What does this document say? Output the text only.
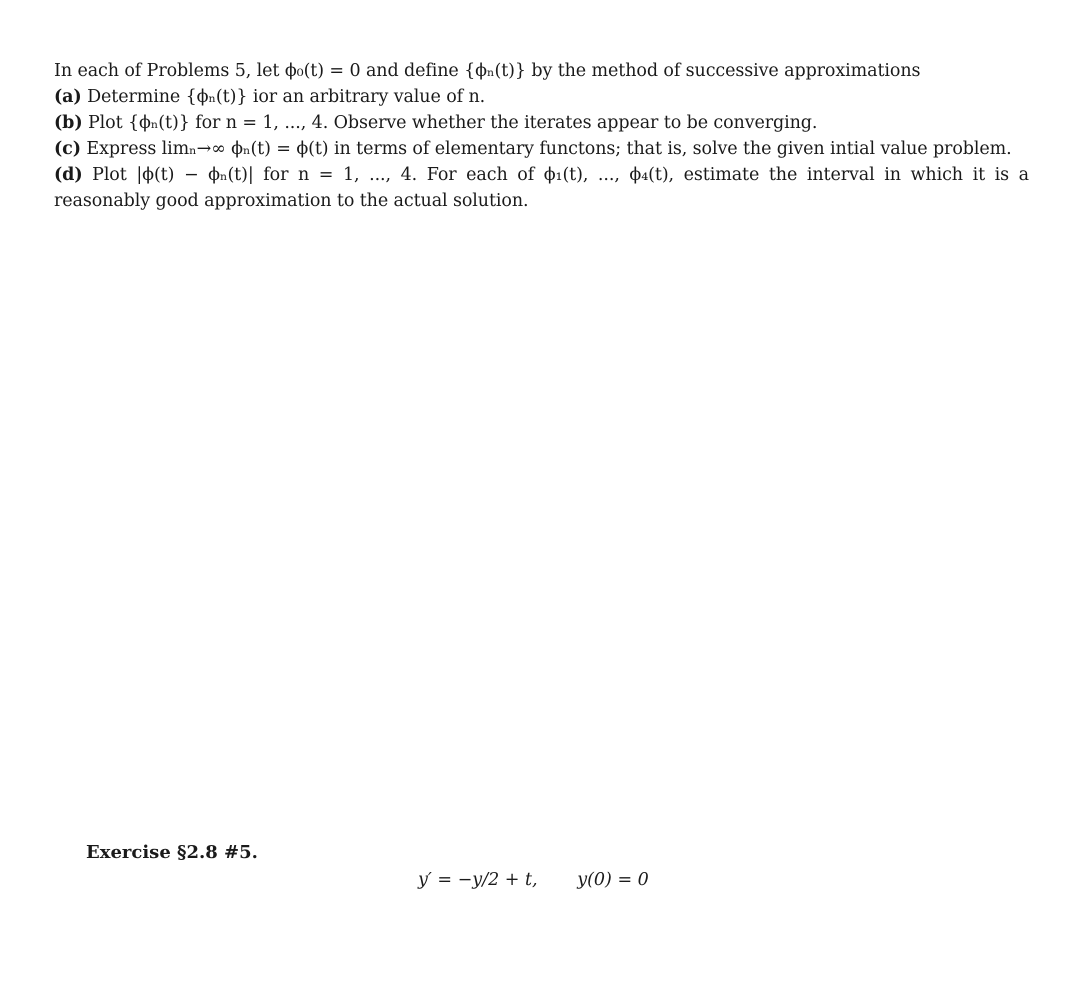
In each of Problems 5, let ϕ₀(t) = 0 and define {ϕₙ(t)} by the method of successive approximations
(a) Determine {ϕₙ(t)} ior an arbitrary value of n.
(b) Plot {ϕₙ(t)} for n = 1, ..., 4. Observe whether the iterates appear to be converging.
(c) Express limₙ→∞ ϕₙ(t) = ϕ(t) in terms of elementary functons; that is, solve the given intial value problem.
(d) Plot |ϕ(t) − ϕₙ(t)| for n = 1, ..., 4. For each of ϕ₁(t), ..., ϕ₄(t), estimate the interval in which it is a reasonably good approximation to the actual solution.
Exercise §2.8 #5.
y′ = −y/2 + t, y(0) = 0
